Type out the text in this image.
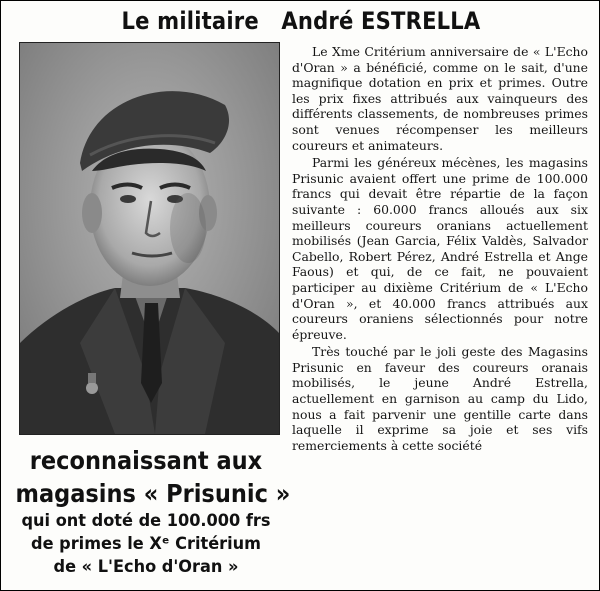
Le militaire   André ESTRELLA
reconnaissant aux
magasins « Prisunic »
qui ont doté de 100.000 frs
de primes le Xᵉ Critérium
de « L'Echo d'Oran »

Le Xme Critérium anniversaire de « L'Echo d'Oran » a bénéficié, comme on le sait, d'une magnifique dotation en prix et primes. Outre les prix fixes attribués aux vainqueurs des différents classements, de nombreuses primes sont venues récompenser les meilleurs coureurs et animateurs.

Parmi les généreux mécènes, les magasins Prisunic avaient offert une prime de 100.000 francs qui devait être répartie de la façon suivante : 60.000 francs alloués aux six meilleurs coureurs oranians actuellement mobilisés (Jean Garcia, Félix Valdès, Salvador Cabello, Robert Pérez, André Estrella et Ange Faous) et qui, de ce fait, ne pouvaient participer au dixième Critérium de « L'Echo d'Oran », et 40.000 francs attribués aux coureurs oraniens sélectionnés pour notre épreuve.

Très touché par le joli geste des Magasins Prisunic en faveur des coureurs oranais mobilisés, le jeune André Estrella, actuellement en garnison au camp du Lido, nous a fait parvenir une gentille carte dans laquelle il exprime sa joie et ses vifs remerciements à cette société
